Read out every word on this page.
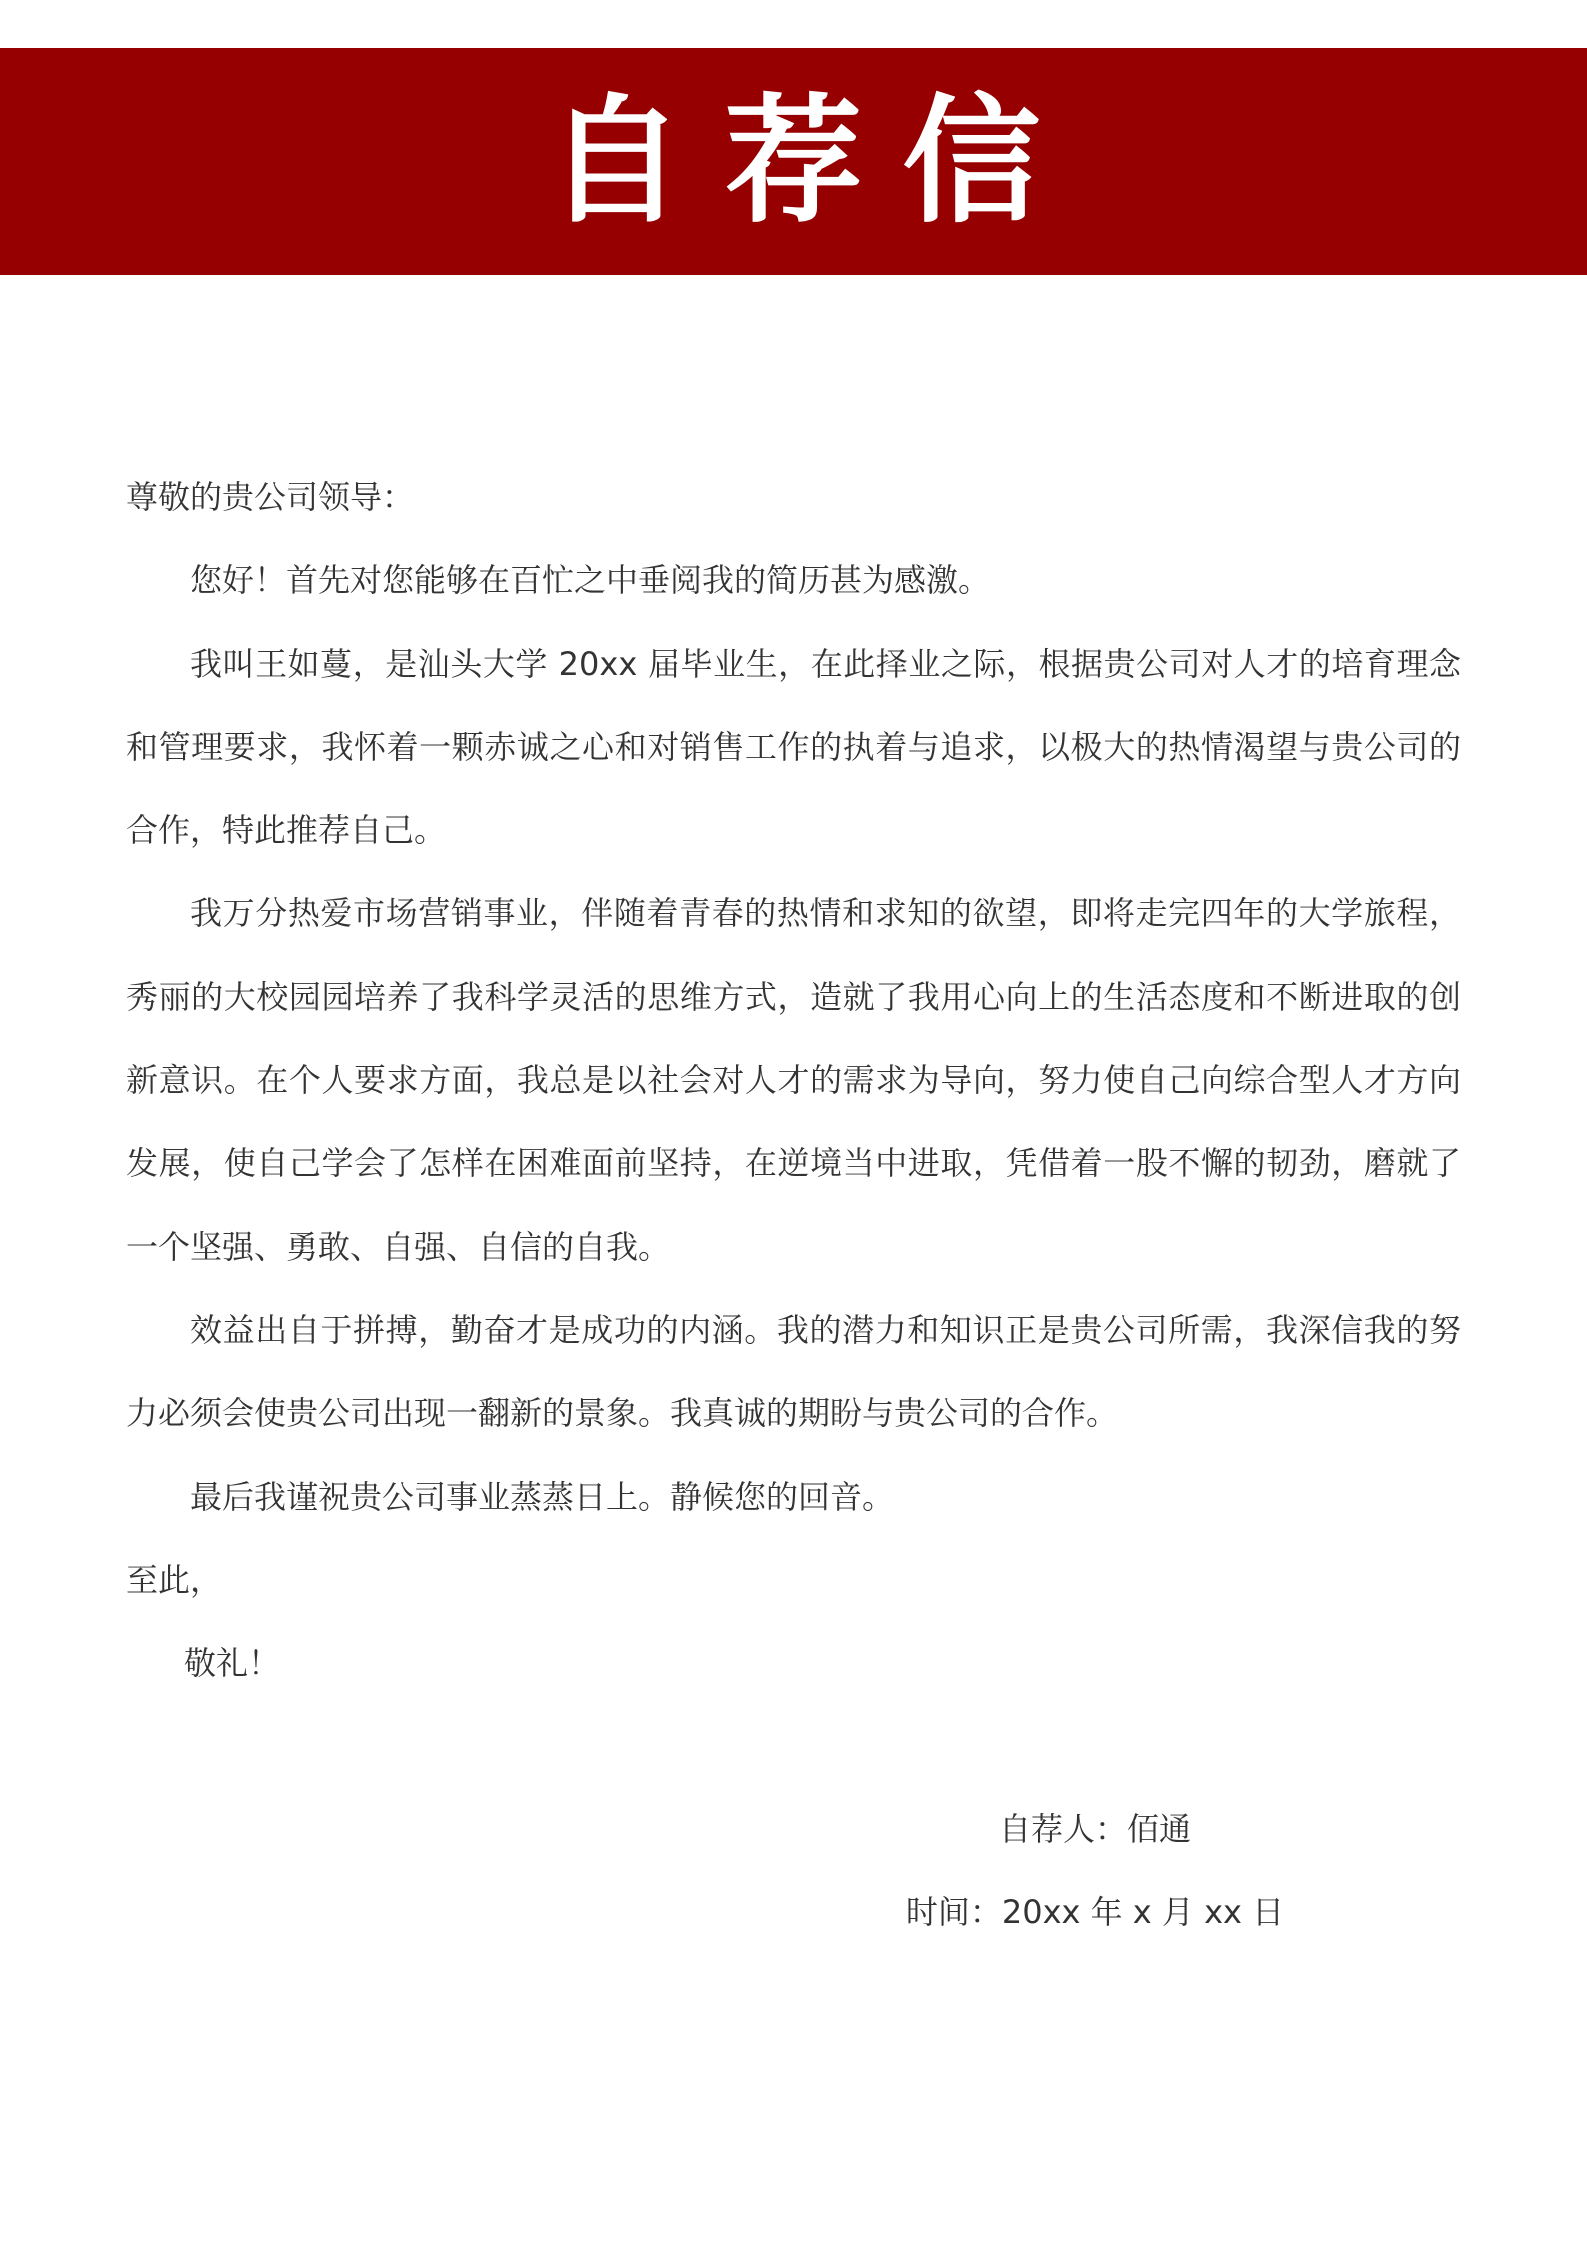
自荐信

尊敬的贵公司领导：

您好！首先对您能够在百忙之中垂阅我的简历甚为感激。

我叫王如蔓，是汕头大学 20xx 届毕业生，在此择业之际，根据贵公司对人才的培育理念和管理要求，我怀着一颗赤诚之心和对销售工作的执着与追求，以极大的热情渴望与贵公司的合作，特此推荐自己。

我万分热爱市场营销事业，伴随着青春的热情和求知的欲望，即将走完四年的大学旅程，秀丽的大校园园培养了我科学灵活的思维方式，造就了我用心向上的生活态度和不断进取的创新意识。在个人要求方面，我总是以社会对人才的需求为导向，努力使自己向综合型人才方向发展，使自己学会了怎样在困难面前坚持，在逆境当中进取，凭借着一股不懈的韧劲，磨就了一个坚强、勇敢、自强、自信的自我。

效益出自于拼搏，勤奋才是成功的内涵。我的潜力和知识正是贵公司所需，我深信我的努力必须会使贵公司出现一翻新的景象。我真诚的期盼与贵公司的合作。

最后我谨祝贵公司事业蒸蒸日上。静候您的回音。

至此，

敬礼！

自荐人：佰通

时间：20xx 年 x 月 xx 日
